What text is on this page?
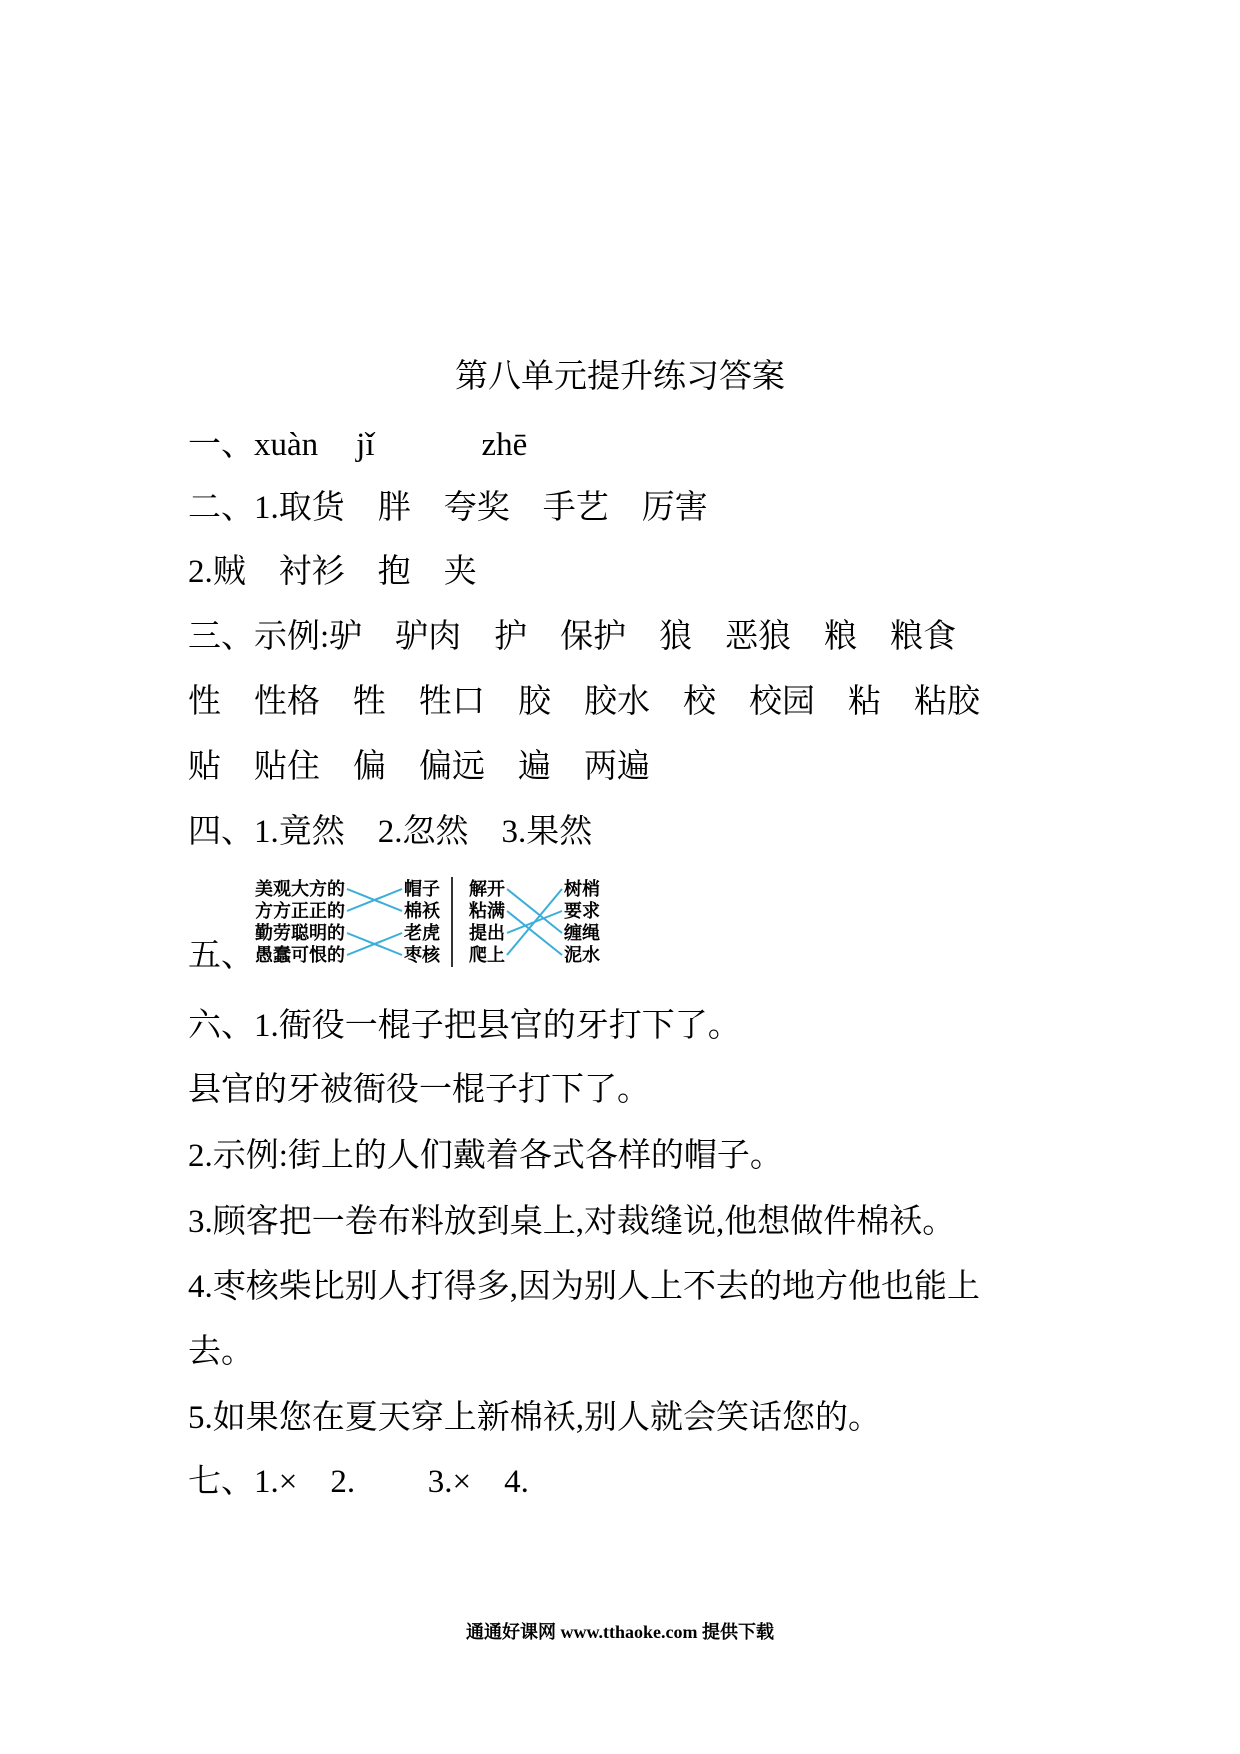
第八单元提升练习答案
一、xuàn jǐ	zhē
二、1.取货 胖 夸奖 手艺 厉害
2.贼 衬衫 抱 夹
三、示例:驴 驴肉 护 保护 狼 恶狼 粮 粮食
性 性格 牲 牲口 胶 胶水 校 校园 粘 粘胶
贴 贴住 偏 偏远 遍 两遍
四、1.竟然 2.忽然 3.果然
五、
美观大方的
方方正正的
勤劳聪明的
愚蠢可恨的
帽子
棉袄
老虎
枣核
解开
粘满
提出
爬上
树梢
要求
缠绳
泥水
六、1.衙役一棍子把县官的牙打下了。
县官的牙被衙役一棍子打下了。
2.示例:街上的人们戴着各式各样的帽子。
3.顾客把一卷布料放到桌上,对裁缝说,他想做件棉袄。
4.枣核柴比别人打得多,因为别人上不去的地方他也能上
去。
5.如果您在夏天穿上新棉袄,别人就会笑话您的。
七、1.× 2. 3.× 4.
通通好课网 www.tthaoke.com 提供下载
